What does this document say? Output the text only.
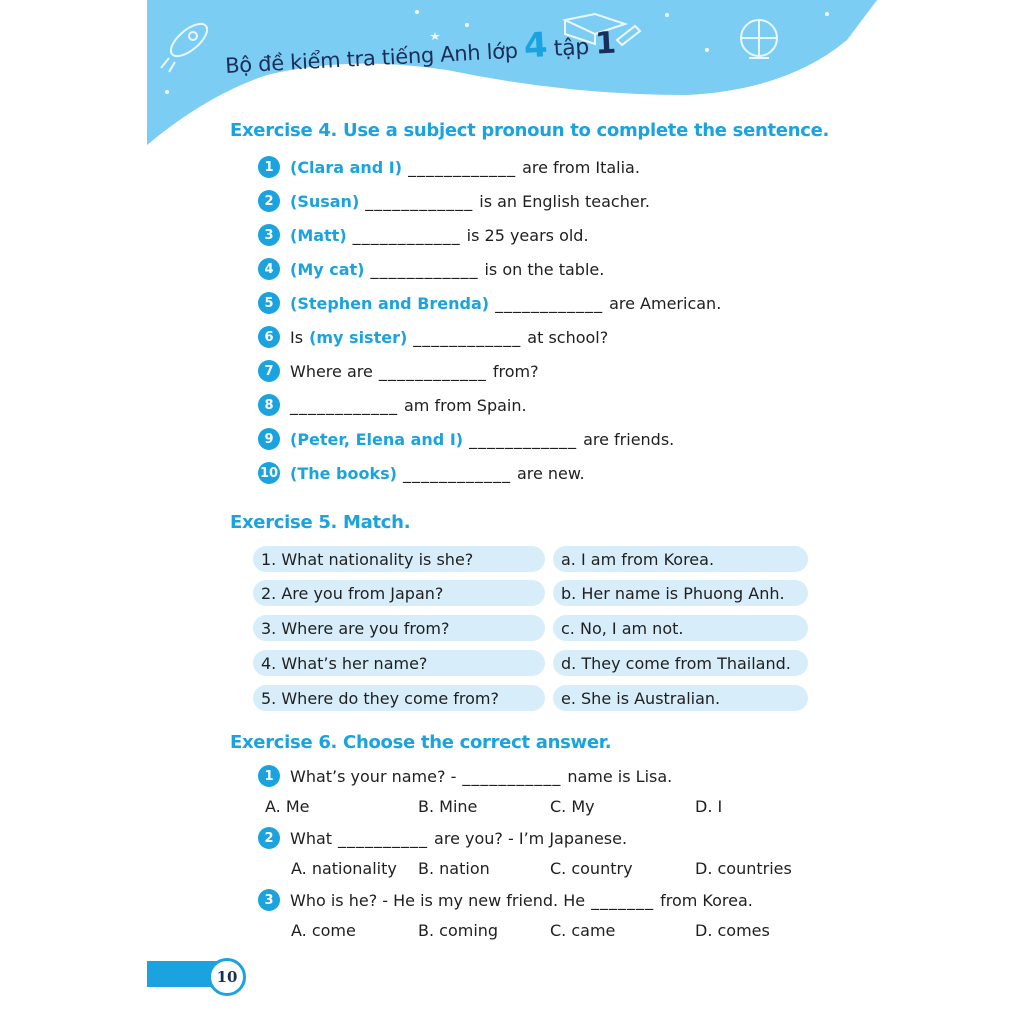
Bộ đề kiểm tra tiếng Anh lớp 4 tập 1
Exercise 4. Use a subject pronoun to complete the sentence.
1	(Clara and I) ____________ are from Italia.
2	(Susan) ____________ is an English teacher.
3	(Matt) ____________ is 25 years old.
4	(My cat) ____________ is on the table.
5	(Stephen and Brenda) ____________ are American.
6	Is (my sister) ____________ at school?
7	Where are ____________ from?
8	____________ am from Spain.
9	(Peter, Elena and I) ____________ are friends.
10 (The books) ____________ are new.
Exercise 5. Match.
1. What nationality is she?	a. I am from Korea.
2. Are you from Japan?	b. Her name is Phuong Anh.
3. Where are you from?	c. No, I am not.
4. What’s her name?	d. They come from Thailand.
5. Where do they come from?	e. She is Australian.
Exercise 6. Choose the correct answer.
1	What’s your name? - ___________ name is Lisa.
A. Me	B. Mine	C. My	D. I
2	What __________ are you? - I’m Japanese.
A. nationality B. nation	C. country	D. countries
3	Who is he? - He is my new friend. He _______ from Korea.
A. come	B. coming	C. came	D. comes
10
